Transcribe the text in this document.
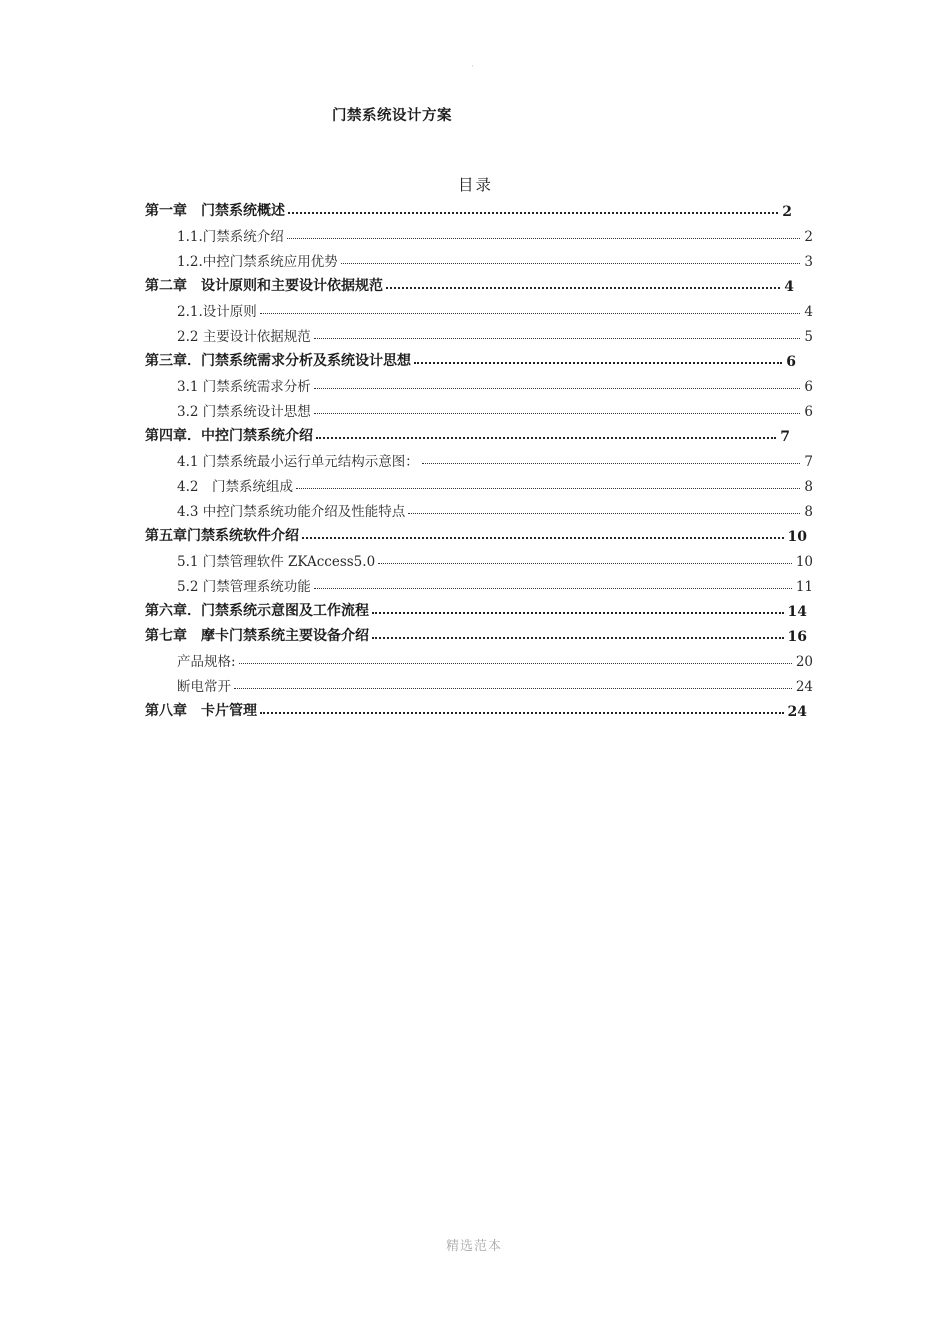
·
门禁系统设计方案
目录
第一章　门禁系统概述	2
1.1.门禁系统介绍	2
1.2.中控门禁系统应用优势	3
第二章　设计原则和主要设计依据规范	4
2.1.设计原则	4
2.2 主要设计依据规范	5
第三章．门禁系统需求分析及系统设计思想	6
3.1 门禁系统需求分析	6
3.2 门禁系统设计思想	6
第四章．中控门禁系统介绍	7
4.1 门禁系统最小运行单元结构示意图：	7
4.2　门禁系统组成	8
4.3 中控门禁系统功能介绍及性能特点	8
第五章门禁系统软件介绍	10
5.1 门禁管理软件 ZKAccess5.0	10
5.2 门禁管理系统功能	11
第六章．门禁系统示意图及工作流程	14
第七章　摩卡门禁系统主要设备介绍	16
产品规格:	20
断电常开	24
第八章　卡片管理	24
精选范本
